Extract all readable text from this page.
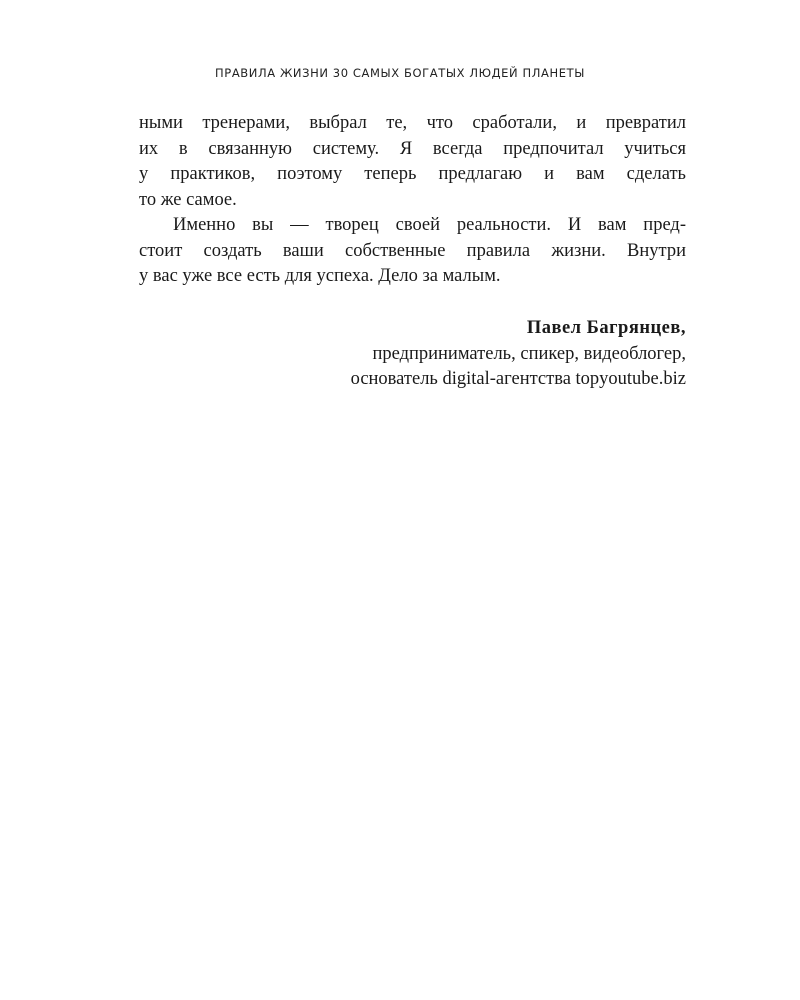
ПРАВИЛА ЖИЗНИ 30 САМЫХ БОГАТЫХ ЛЮДЕЙ ПЛАНЕТЫ
ными тренерами, выбрал те, что сработали, и превратил
их в связанную систему. Я всегда предпочитал учиться
у практиков, поэтому теперь предлагаю и вам сделать
то же самое.
Именно вы — творец своей реальности. И вам пред-
стоит создать ваши собственные правила жизни. Внутри
у вас уже все есть для успеха. Дело за малым.
Павел Багрянцев,
предприниматель, спикер, видеоблогер,
основатель digital-агентства topyoutube.biz
